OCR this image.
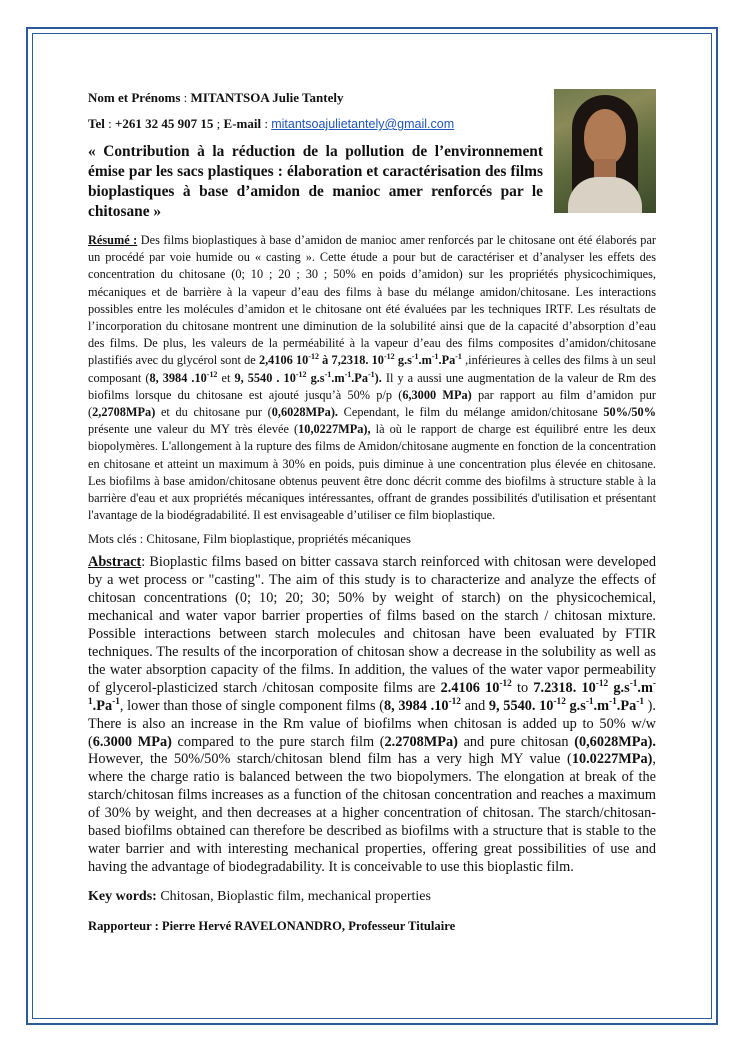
Nom et Prénoms : MITANTSOA Julie Tantely

Tel : +261 32 45 907 15 ; E-mail : mitantsoajulietantely@gmail.com

« Contribution à la réduction de la pollution de l’environnement émise par les sacs plastiques : élaboration et caractérisation des films bioplastiques à base d’amidon de manioc amer renforcés par le chitosane »

Résumé : Des films bioplastiques à base d’amidon de manioc amer renforcés par le chitosane ont été élaborés par un procédé par voie humide ou « casting ». Cette étude a pour but de caractériser et d’analyser les effets des concentration du chitosane (0; 10 ; 20 ; 30 ; 50% en poids d’amidon) sur les propriétés physicochimiques, mécaniques et de barrière à la vapeur d’eau des films à base du mélange amidon/chitosane. Les interactions possibles entre les molécules d’amidon et le chitosane ont été évaluées par les techniques IRTF. Les résultats de l’incorporation du chitosane montrent une diminution de la solubilité ainsi que de la capacité d’absorption d’eau des films. De plus, les valeurs de la perméabilité à la vapeur d’eau des films composites d’amidon/chitosane plastifiés avec du glycérol sont de 2,4106 $10^{-12}$ à 7,2318. $10^{-12}$ $g.s^{-1}.m^{-1}.Pa^{-1}$ ,inférieures à celles des films à un seul composant (8, 3984 $.10^{-12}$ et 9, 5540 . $10^{-12}$ $g.s^{-1}.m^{-1}.Pa^{-1}$). Il y a aussi une augmentation de la valeur de Rm des biofilms lorsque du chitosane est ajouté jusqu’à 50% p/p (6,3000 MPa) par rapport au film d’amidon pur (2,2708MPa) et du chitosane pur (0,6028MPa). Cependant, le film du mélange amidon/chitosane 50%/50% présente une valeur du MY très élevée (10,0227MPa), là où le rapport de charge est équilibré entre les deux biopolymères. L'allongement à la rupture des films de Amidon/chitosane augmente en fonction de la concentration en chitosane et atteint un maximum à 30% en poids, puis diminue à une concentration plus élevée en chitosane. Les biofilms à base amidon/chitosane obtenus peuvent être donc décrit comme des biofilms à structure stable à la barrière d'eau et aux propriétés mécaniques intéressantes, offrant de grandes possibilités d'utilisation et présentant l'avantage de la biodégradabilité. Il est envisageable d’utiliser ce film bioplastique.

Mots clés : Chitosane, Film bioplastique, propriétés mécaniques

Abstract: Bioplastic films based on bitter cassava starch reinforced with chitosan were developed by a wet process or "casting". The aim of this study is to characterize and analyze the effects of chitosan concentrations (0; 10; 20; 30; 50% by weight of starch) on the physicochemical, mechanical and water vapor barrier properties of films based on the starch / chitosan mixture. Possible interactions between starch molecules and chitosan have been evaluated by FTIR techniques. The results of the incorporation of chitosan show a decrease in the solubility as well as the water absorption capacity of the films. In addition, the values of the water vapor permeability of glycerol-plasticized starch /chitosan composite films are 2.4106 $10^{-12}$ to 7.2318. $10^{-12}$ $g.s^{-1}.m^{-1}.Pa^{-1}$, lower than those of single component films (8, 3984 $.10^{-12}$ and 9, 5540. $10^{-12}$ $g.s^{-1}.m^{-1}.Pa^{-1}$ ). There is also an increase in the Rm value of biofilms when chitosan is added up to 50% w/w (6.3000 MPa) compared to the pure starch film (2.2708MPa) and pure chitosan (0,6028MPa). However, the 50%/50% starch/chitosan blend film has a very high MY value (10.0227MPa), where the charge ratio is balanced between the two biopolymers. The elongation at break of the starch/chitosan films increases as a function of the chitosan concentration and reaches a maximum of 30% by weight, and then decreases at a higher concentration of chitosan. The starch/chitosan-based biofilms obtained can therefore be described as biofilms with a structure that is stable to the water barrier and with interesting mechanical properties, offering great possibilities of use and having the advantage of biodegradability. It is conceivable to use this bioplastic film.

Key words: Chitosan, Bioplastic film, mechanical properties

Rapporteur : Pierre Hervé RAVELONANDRO, Professeur Titulaire
